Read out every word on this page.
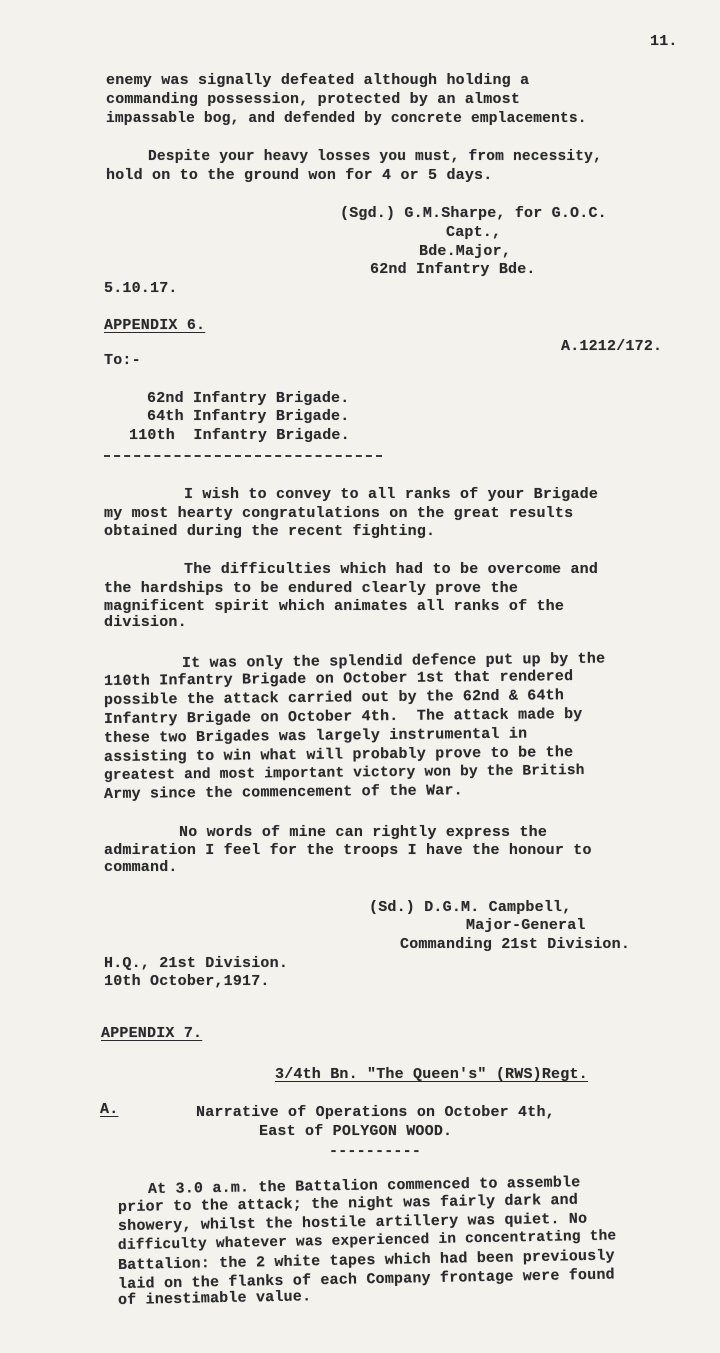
11.
enemy was signally defeated although holding a
commanding possession, protected by an almost
impassable bog, and defended by concrete emplacements.
Despite your heavy losses you must, from necessity,
hold on to the ground won for 4 or 5 days.
(Sgd.) G.M.Sharpe, for G.O.C.
Capt.,
Bde.Major,
62nd Infantry Bde.
5.10.17.
APPENDIX 6.
A.1212/172.
To:-
62nd Infantry Brigade.
64th Infantry Brigade.
110th  Infantry Brigade.
I wish to convey to all ranks of your Brigade
my most hearty congratulations on the great results
obtained during the recent fighting.
The difficulties which had to be overcome and
the hardships to be endured clearly prove the
magnificent spirit which animates all ranks of the
division.
It was only the splendid defence put up by the
110th Infantry Brigade on October 1st that rendered
possible the attack carried out by the 62nd & 64th
Infantry Brigade on October 4th.  The attack made by
these two Brigades was largely instrumental in
assisting to win what will probably prove to be the
greatest and most important victory won by the British
Army since the commencement of the War.
No words of mine can rightly express the
admiration I feel for the troops I have the honour to
command.
(Sd.) D.G.M. Campbell,
Major-General
Commanding 21st Division.
H.Q., 21st Division.
10th October,1917.
APPENDIX 7.
3/4th Bn. "The Queen's" (RWS)Regt.
A.	Narrative of Operations on October 4th,
East of POLYGON WOOD.
----------
At 3.0 a.m. the Battalion commenced to assemble
prior to the attack; the night was fairly dark and
showery, whilst the hostile artillery was quiet. No
difficulty whatever was experienced in concentrating the
Battalion: the 2 white tapes which had been previously
laid on the flanks of each Company frontage were found
of inestimable value.
